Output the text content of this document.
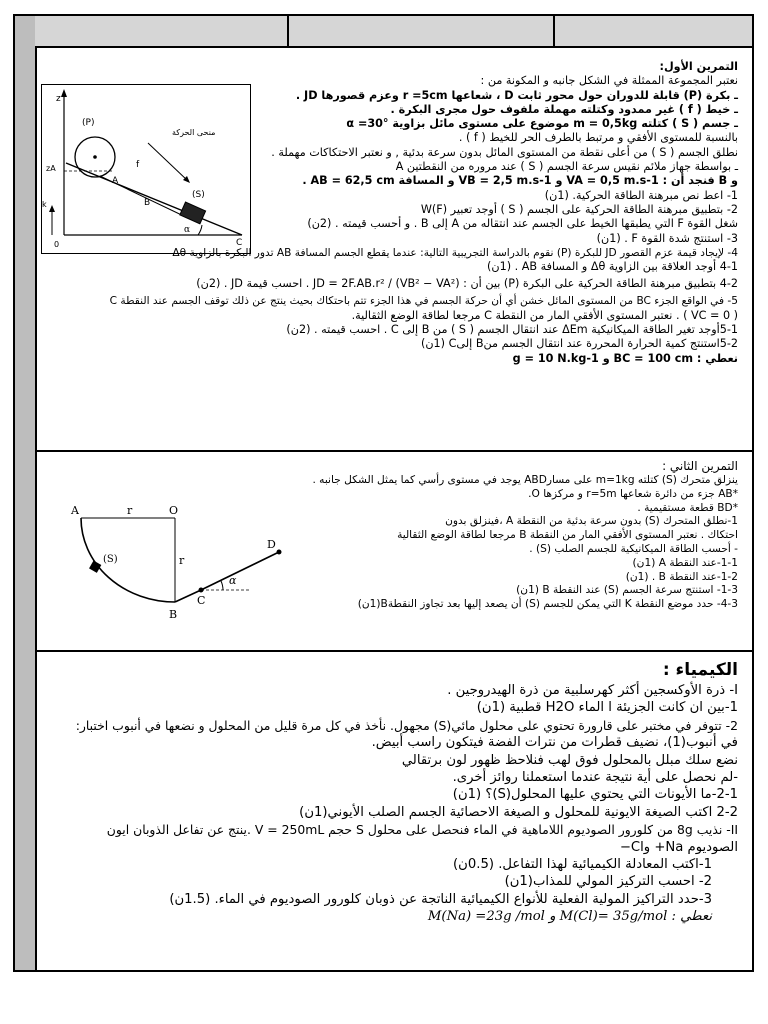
z
(P)
منحى الحركة
A
f
B
(S)
zA
k
0
α
C
التمرين الأول:
نعتبر المجموعة الممثلة في الشكل جانبه و المكونة من :
ـ بكرة (P) قابلة للدوران حول محور ثابت D ، شعاعها r =5cm وعزم قصورها JD .
ـ خيط ( f ) غير ممدود وكتلته مهملة ملفوف حول مجرى البكرة .
ـ جسم ( S ) كتلته m = 0,5kg موضوع على مستوى مائل بزاوية α =30°
بالنسبة للمستوى الأفقي و مرتبط بالطرف الحر للخيط ( f ) .
نطلق الجسم ( S ) من أعلى نقطة من المستوى المائل بدون سرعة بدئية , و نعتبر الاحتكاكات مهملة .
ـ بواسطة جهاز ملائم نقيس سرعة الجسم ( S ) عند مروره من النقطتين A
و B فنجد أن : VA = 0,5 m.s-1 و VB = 2,5 m.s-1 و المسافة AB = 62,5 cm .
1- اعط نص مبرهنة الطاقة الحركية. (1ن)
2- بتطبيق مبرهنة الطاقة الحركية على الجسم ( S ) أوجد تعبير W(F)
شغل القوة F التي يطبقها الخيط على الجسم عند انتقاله من A إلى B . و أحسب قيمته . (2ن)
3- استنتج شدة القوة F . (1ن)
4- لإيجاد قيمة عزم القصور JD للبكرة (P) نقوم بالدراسة التجريبية التالية: عندما يقطع الجسم المسافة AB تدور البكرة بالزاوية Δθ
4-1 أوجد العلاقة بين الزاوية Δθ و المسافة AB . (1ن)
4-2 بتطبيق مبرهنة الطاقة الحركية على البكرة (P) بين أن : JD = 2F.AB.r² / (VB² − VA²) . احسب قيمة JD . (2ن)
5- في الواقع الجزء BC من المستوى المائل خشن أي أن حركة الجسم في هذا الجزء تتم باحتكاك بحيث ينتج عن ذلك توقف الجسم عند النقطة C
( VC = 0 ) . نعتبر المستوى الأفقي المار من النقطة C مرجعا لطاقة الوضع الثقالية.
5-1أوجد تغير الطاقة الميكانيكية ΔEm عند انتقال الجسم ( S ) من B إلى C . احسب قيمته . (2ن)
5-2استنتج كمية الحرارة المحررة عند انتقال الجسم منB إلىC (1ن)
نعطي : BC = 100 cm و g = 10 N.kg-1
A	r	O
(S)	r
D
α
C
B
التمرين الثاني :
ينزلق متحرك (S) كتلته m=1kg على مسارABD يوجد في مستوى رأسي كما يمثل الشكل جانبه .
*AB جزء من دائرة شعاعها r=5m و مركزها O.
*BD قطعة مستقيمية .
1-نطلق المتحرك (S) بدون سرعة بدئية من النقطة A ،فينزلق بدون
احتكاك . نعتبر المستوى الأفقي المار من النقطة B مرجعا لطاقة الوضع الثقالية
- أحسب الطاقة الميكانيكية للجسم الصلب (S) .
1-1-عند النقطة A (1ن)
1-2-عند النقطة B . (1ن)
1-3- استنتج سرعة الجسم (S) عند النقطة B (1ن)
4-3- حدد موضع النقطة K التي يمكن للجسم (S) أن يصعد إليها بعد تجاوز النقطةB(1ن)
الكيمياء :
I- ذرة الأوكسجين أكثر كهرسلبية من ذرة الهيدروجين .
1-بين ان كانت الجزيئة l الماء H2O قطبية (1ن)
2- تتوفر في مختبر على قارورة تحتوي على محلول مائي(S) مجهول. نأخذ في كل مرة قليل من المحلول و نضعها في أنبوب اختبار:
في أنبوب(1)، نضيف قطرات من نترات الفضة فيتكون راسب أبيض.
نضع سلك مبلل بالمحلول فوق لهب فنلاحظ ظهور لون برتقالي
-لم نحصل على أية نتيجة عندما استعملنا روائز أخرى.
2-1-ما الأيونات التي يحتوي عليها المحلول(S)؟ (1ن)
2-2 اكتب الصيغة الايونية للمحلول و الصيغة الاحصائية الجسم الصلب الأيوني(1ن)
II- نذيب 8g من كلورور الصوديوم اللاماهية في الماء فنحصل على محلول S حجم V = 250mL .ينتج عن تفاعل الذوبان ايون
الصوديوم Na+ وCl−
1-اكتب المعادلة الكيميائية لهذا التفاعل. (0.5ن)
2- احسب التركيز المولي للمذاب(1ن)
3-حدد التراكيز المولية الفعلية للأنواع الكيميائية الناتجة عن ذوبان كلورور الصوديوم في الماء. (1.5ن)
نعطي : M(Cl)= 35g/mol و M(Na) =23g /mol
